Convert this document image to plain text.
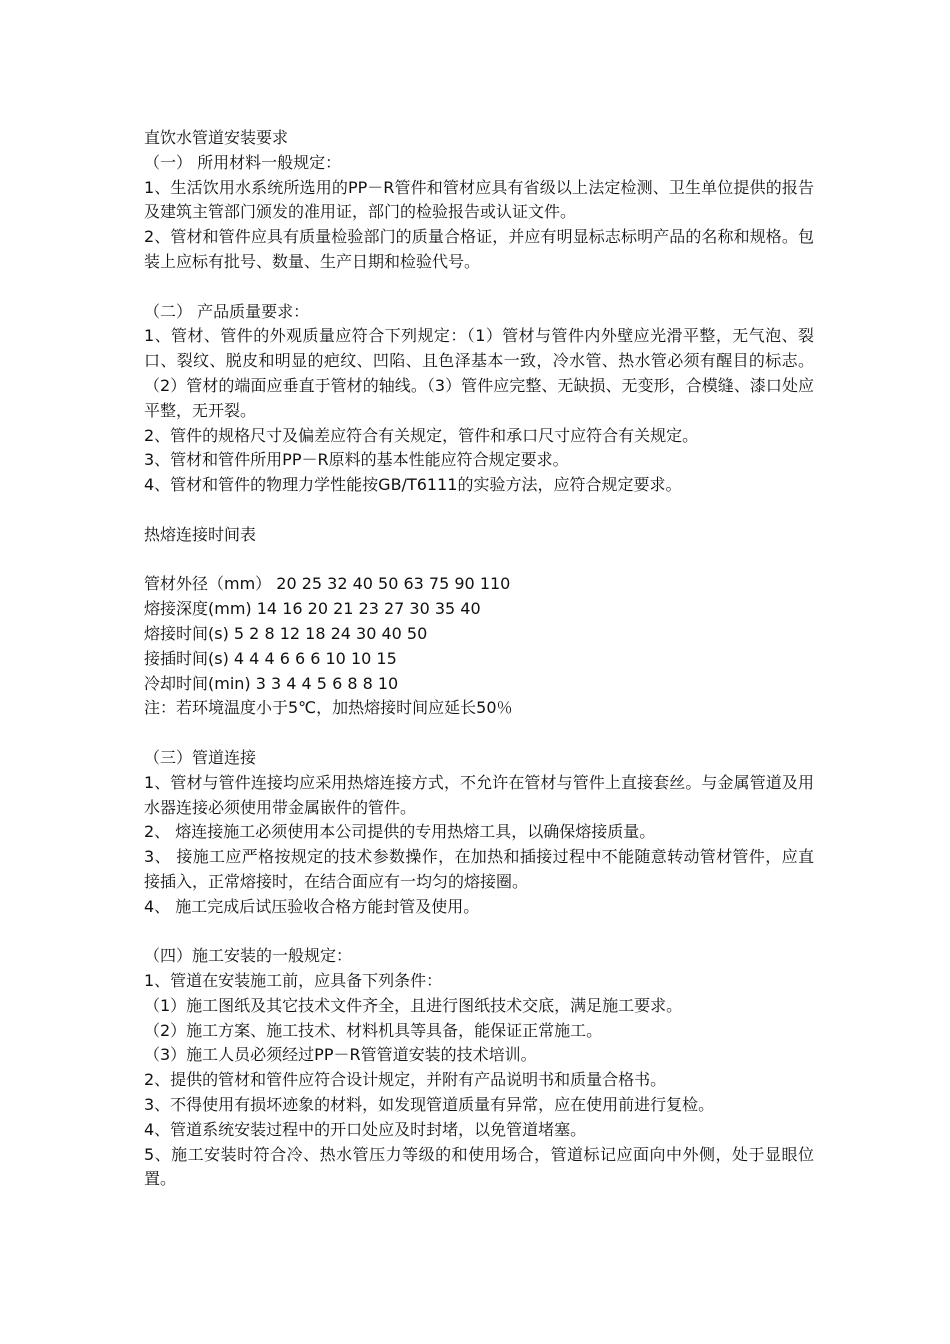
直饮水管道安装要求
（一） 所用材料一般规定：
1、生活饮用水系统所选用的PP－R管件和管材应具有省级以上法定检测、卫生单位提供的报告及建筑主管部门颁发的准用证，部门的检验报告或认证文件。
2、管材和管件应具有质量检验部门的质量合格证，并应有明显标志标明产品的名称和规格。包装上应标有批号、数量、生产日期和检验代号。
（二） 产品质量要求：
1、管材、管件的外观质量应符合下列规定：（1）管材与管件内外壁应光滑平整，无气泡、裂口、裂纹、脱皮和明显的疤纹、凹陷、且色泽基本一致，冷水管、热水管必须有醒目的标志。（2）管材的端面应垂直于管材的轴线。（3）管件应完整、无缺损、无变形，合模缝、漆口处应平整，无开裂。
2、管件的规格尺寸及偏差应符合有关规定，管件和承口尺寸应符合有关规定。
3、管材和管件所用PP－R原料的基本性能应符合规定要求。
4、管材和管件的物理力学性能按GB/T6111的实验方法，应符合规定要求。
热熔连接时间表
管材外径（mm） 20 25 32 40 50 63 75 90 110
熔接深度(mm) 14 16 20 21 23 27 30 35 40
熔接时间(s) 5 2 8 12 18 24 30 40 50
接插时间(s) 4 4 4 6 6 6 10 10 15
冷却时间(min) 3 3 4 4 5 6 8 8 10
注：若环境温度小于5℃，加热熔接时间应延长50％
（三）管道连接
1、管材与管件连接均应采用热熔连接方式，不允许在管材与管件上直接套丝。与金属管道及用水器连接必须使用带金属嵌件的管件。
2、 熔连接施工必须使用本公司提供的专用热熔工具，以确保熔接质量。
3、 接施工应严格按规定的技术参数操作，在加热和插接过程中不能随意转动管材管件，应直接插入，正常熔接时，在结合面应有一均匀的熔接圈。
4、 施工完成后试压验收合格方能封管及使用。
（四）施工安装的一般规定：
1、管道在安装施工前，应具备下列条件：
（1）施工图纸及其它技术文件齐全，且进行图纸技术交底，满足施工要求。
（2）施工方案、施工技术、材料机具等具备，能保证正常施工。
（3）施工人员必须经过PP－R管管道安装的技术培训。
2、提供的管材和管件应符合设计规定，并附有产品说明书和质量合格书。
3、不得使用有损坏迹象的材料，如发现管道质量有异常，应在使用前进行复检。
4、管道系统安装过程中的开口处应及时封堵，以免管道堵塞。
5、施工安装时符合冷、热水管压力等级的和使用场合，管道标记应面向中外侧，处于显眼位置。
